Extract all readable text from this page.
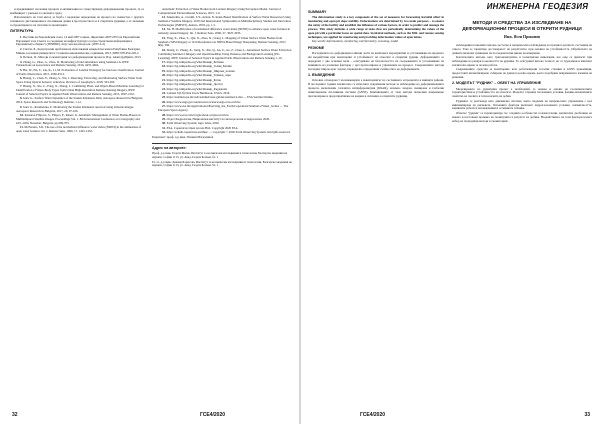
и предизвикват геоложки процеси и активизация на съществуващи деформационни процеси, те се комбинират с рискове за околната среда.

Използването на тази метод за борба с надеждно определяне на процеса на съвместно с другите техники на дистанционни и спътникови данни в пространството и в откритите рудници, е от значение за проектирането на системи за мониторинг.

ЛИТЕРАТУРА

1. Вестник на Европейския съюз, 14 май 2007 година, Директива 2007/2/ЕО на Европейския Парламент и на Съвета за създаване на инфраструктура за пространствена информация в Европейската общност (INSPIRE), http://eur-lex.europa.eu/ (2007-4-2)

2. Светла, Б., Кадастрални проблеми на използвания земеделски земи в Република България, Минно-геоложки университет. Социално-икономически, годишник, 2015. ISBN 978-954-229-2

3. Петков, П., Методи за мониторинг на деформационни процеси. Изд. АвангардПринт, 2013.

4. Zhang, G., Zhao, G., Zhao, D. Monitoring of land subsidence using Sentinel-1A. IEEE Transactions on Geoscience and Remote Sensing, 2016, 4455-4464.

5. Bis, W., Fei, T., Liu, K., Li, M. Evaluation of Landsat 8 imagery for land use classification. Journal of Earth Observation, 2015, 4500-4513.

6. Huang, C., Chen, Y., Zhang, S., Wu, J. Detecting, Extracting, and Monitoring Surface Water from Space Using Optical Sensors: A Review. Reviews of Geophysics, 2018, 333-360.

7. Huang, X., Xie, C., Fang, X., Zhang, L. Combining Pixel- and Object-Based Machine Learning for Identification of Water-Body Types from Urban High-Resolution Remote-Sensing Imagery. IEEE Journal of Selected Topics in Applied Earth Observations and Remote Sensing, 2015, 2097-2110.

8. Jelev G., Surface Water Dynamics of the Studen Kladenets Dam. Aerospace Research in Bulgaria, 2016, Space Research and Technology Institute, 1-12.

9. Jelev G., Roumenina, E. Monitoring the Studen Kladenets reservoir using airborne images. Aerospace Research in Bulgaria, 2017, 29, 97-106.

10. Katsaros-Filipova, S., Filipov, F., Ranev, G. Automatic Management of Water Bodies Based on Multitemporal Satellite Images. Proceedings Vol. 1. 8th International Conference on Cartography and GIS, 2020, Nessebar, Bulgaria, pp 699-705.

11. McFeeters, S.K. The use of the normalized difference water index (NDWI) in the delineation of open water features. Int. J. Remote Sens. 1996, 17, 1425-1432.

Automatic Extraction of Water Bodies from Landsat Imagery Using Perception Model. Journal of Computational Environmental Sciences, 2015, 1-6.

13. Sekertekin, A., Cicekli, S.Y., Arslan, N. Index-Based Identification of Surface Water Resources Using Sentinel-2 Satellite Imagery. 2018 2nd International Symposium on Multidisciplinary Studies and Innovative Technologies (ISMSIT), Ankara, 2018, pp. 1-5.

14. Xu, H. Modification of normalized difference water index (NDWI) to enhance open water features in remotely sensed imagery. Int. J. Remote Sens. 2006, 27, 3025-3033.

15. Yang, X., Zhao, S., Qin, X., Zhao, N., Liang, L. Mapping of Urban Surface Water Bodies from Sentinel-2 MSI Imagery at 10 m Resolution via NDWI-Based Image Sharpening. Remote Sensing, 2017, 9(6), 596.

16. Zhang, Z., Zhang, X., Jiang, X., Xin, Q., An, Z., Ao, Z., Chen, L. Automated Surface Water Extraction Combining Sentinel-2 Imagery and OpenStreetMap Using Presence and Background Learning (PU-Learning). IEEE Journal of Selected Topics in Applied Earth Observations and Remote Sensing, 1-16.

17. https://bg.wikipedia.org/wiki/Язовир_Беглика

18. https://bg.wikipedia.org/wiki/Язовир_Голям_Беглик

19. https://bg.wikipedia.org/wiki/Язовир_Широка_поляна

20. https://bg.wikipedia.org/wiki/Язовир_Тошков_чарк

21. https://bg.wikipedia.org/wiki/Язовир_Батак

22. https://bg.wikipedia.org/wiki/Язовир_Доспат

23. https://bg.wikipedia.org/wiki/Язовир_Кърджали

24. Landsat 8 (L8) Data Users Handbook, USGS, 2019.

25. https://sentinel.esa.int/web/sentinel/user-guides/sentinel-2-msi — ESA Sentinel Online.

26. https://www.usgs.gov/centers/eros/science/usgs-eros-archive

27. https://www.esa.int/Applications/Observing_the_Earth/Copernicus/Sentinel-2/Water_bodies — The European Space Agency.

28. https://www.esri.com/arcgis/about-arcgis/overview

29. Отдел Хидрология, Национален институт по метеорология и хидрология, 2020.

30. Earth Observing System. Agro Atlas, 2020.

31. ESA, Copernicus Open Access Hub. Copyright 2020 ESA.

32. https://scihub.copernicus.eu/dhus/ — Copyright © 2020 Earth Observing System. All rights reserved.

Рецензент: проф. д-р инж. Пламен Магдалинов

Адрес на авторите:

Проф. д-р инж. Георги Желев, Институт за космически изследвания и технологии, Българска академия на науките, София 1113, ул. Акад. Георги Бончев, бл. 1

Гл. ас. д-р инж. Деница Борисова, Институт за космически изследвания и технологии, Българска академия на науките, София 1113, ул. Акад. Георги Бончев, бл. 1

32	ГСЕ4/2020
ИНЖЕНЕРНА ГЕОДЕЗИЯ
МЕТОДИ И СРЕДСТВА ЗА ИЗСЛЕДВАНЕ НА ДЕФОРМАЦИОННИ ПРОЦЕСИ В ОТКРИТИ РУДНИЦИ
Инж. Ясен Прокопов
SUMMARY

The deformation study is a key component of the set of measures for forecasting harmful effect in monitoring and open pit slope stability. Deformations are determined by two main purposes – to ensure the safety of the facility and establish the influence of various factors, in order to predict and manage the process. This study includes a wide range of tasks that are periodically determining the values of the open pit with a particular focus on spatial data. Statistical methods, such as the MSL and remote sensing techniques, are applied for monitoring and providing deformation values of open mines.

Key words: deformations, monitoring, interferometry, scanning, model

РЕЗЮМЕ

Изследването на деформации в минни части на комплекса мероприятия за установяване на вредното им въздействие при мониторинг и устойчивост на откосите в открития рудник. Деформациите се определят с две основни цели – осигуряване на безопасността на съоръжението и установяване на влиянието на различни фактори, с цел прогнозиране и управление на процеса. Съвременните методи изследват широк кръг задачи, периодично определящи стойностите на деформациите.

1. ВЪВЕДЕНИЕ

Основна отговорност на инженерите е мониторингът на състоянието и процесите в минните райони. В последните години значително се използват съвременни методи за наблюдение на деформационните процеси, включващи сателитна интерферометрия (InSAR), наземно лазерно сканиране и глобални навигационни спътникови системи (GNSS). Комбинацията от тези методи позволява навременно прогнозиране и предотвратяване на аварии и свлачища в откритите рудници.

наблюдения позволяват високо-честотно и непрекъснато наблюдение и отразяват реалното състояние на откоса. Така се гарантира достоверност на резултатите, при анализа на устойчивостта. Обработката на данните включва сравнение на последователни цикли на измерване.

Класическите методи, като тригонометрична и геометрична нивелация, все още се прилагат при наблюдение на репери в околността на рудника. Те осигуряват висока точност, но са трудоемки и изискват значително време за полева работа.

Съвременните средства за мониторинг, като роботизирани тотални станции и GNSS приемници, предоставят автоматизирано събиране на данни в реално време, което подобрява навременното вземане на решения.

2. МОДЕЛЪТ "РУДНИК" – ОБЕКТ НА УПРАВЛЕНИЕ

Моделирането на рудничния процес е необходимо за оценка и анализ на геотехническите характеристики и устойчивостта на откосите. Моделът отразява геоложките условия, физико-механичните свойства на скалите и технологията на добив.

Рудникът се разглежда като динамична система, която подлежи на непрекъснато управление с цел минимизиране на рисковете. Основните фактори включват хидрогеоложките условия, сеизмичността, взривните работи и натоварванията от минната техника.

Обектът "рудник" се характеризира със следните особености: големи площи, значителна дълбочина на изкопа и постоянна промяна на геометрията в резултат на добива. Въздействието на тези фактори налага избор на подходящи методи за мониторинг.

ГСЕ4/2020	33
